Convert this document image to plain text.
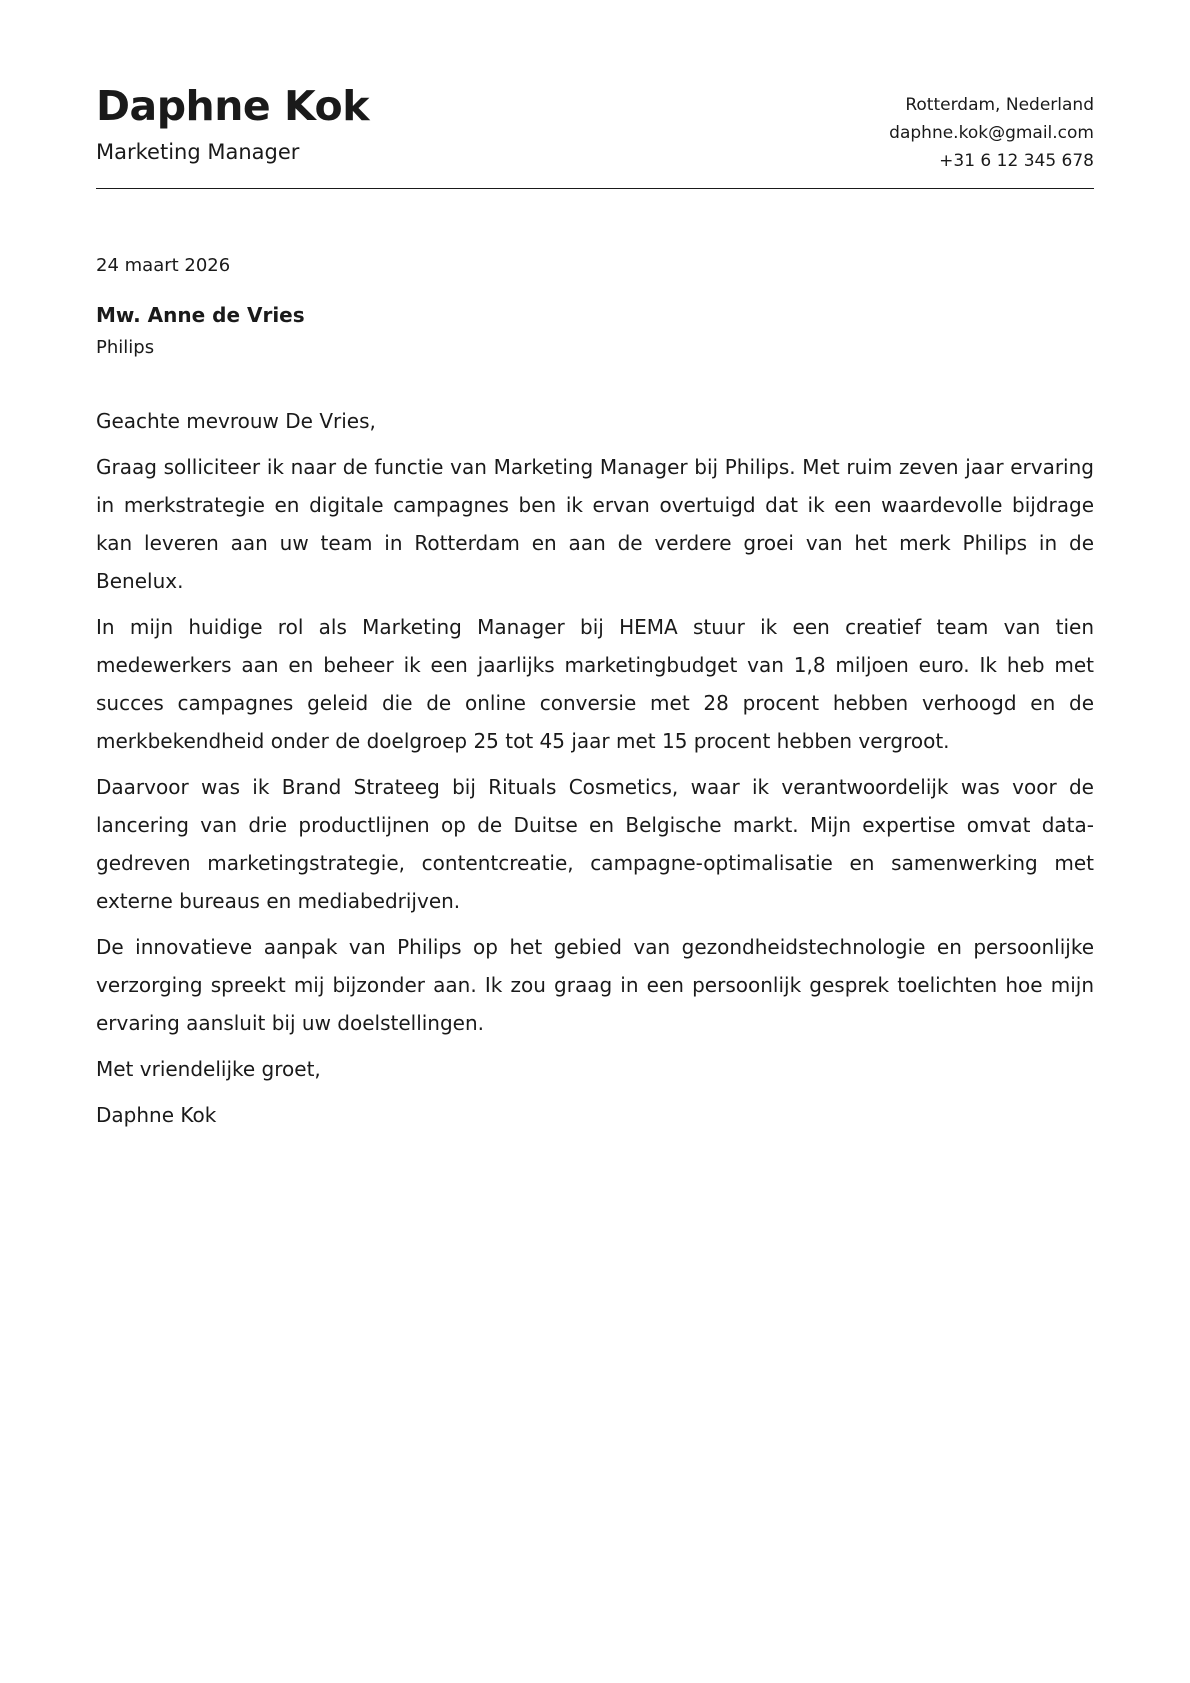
Daphne Kok
Marketing Manager
Rotterdam, Nederland
daphne.kok@gmail.com
+31 6 12 345 678
24 maart 2026
Mw. Anne de Vries
Philips

Geachte mevrouw De Vries,

Graag solliciteer ik naar de functie van Marketing Manager bij Philips. Met ruim zeven jaar ervaring in merkstrategie en digitale campagnes ben ik ervan overtuigd dat ik een waardevolle bijdrage kan leveren aan uw team in Rotterdam en aan de verdere groei van het merk Philips in de Benelux.

In mijn huidige rol als Marketing Manager bij HEMA stuur ik een creatief team van tien medewerkers aan en beheer ik een jaarlijks marketingbudget van 1,8 miljoen euro. Ik heb met succes campagnes geleid die de online conversie met 28 procent hebben verhoogd en de merkbekendheid onder de doelgroep 25 tot 45 jaar met 15 procent hebben vergroot.

Daarvoor was ik Brand Strateeg bij Rituals Cosmetics, waar ik verantwoordelijk was voor de lancering van drie productlijnen op de Duitse en Belgische markt. Mijn expertise omvat data-gedreven marketingstrategie, contentcreatie, campagne-optimalisatie en samenwerking met externe bureaus en mediabedrijven.

De innovatieve aanpak van Philips op het gebied van gezondheidstechnologie en persoonlijke verzorging spreekt mij bijzonder aan. Ik zou graag in een persoonlijk gesprek toelichten hoe mijn ervaring aansluit bij uw doelstellingen.

Met vriendelijke groet,

Daphne Kok
